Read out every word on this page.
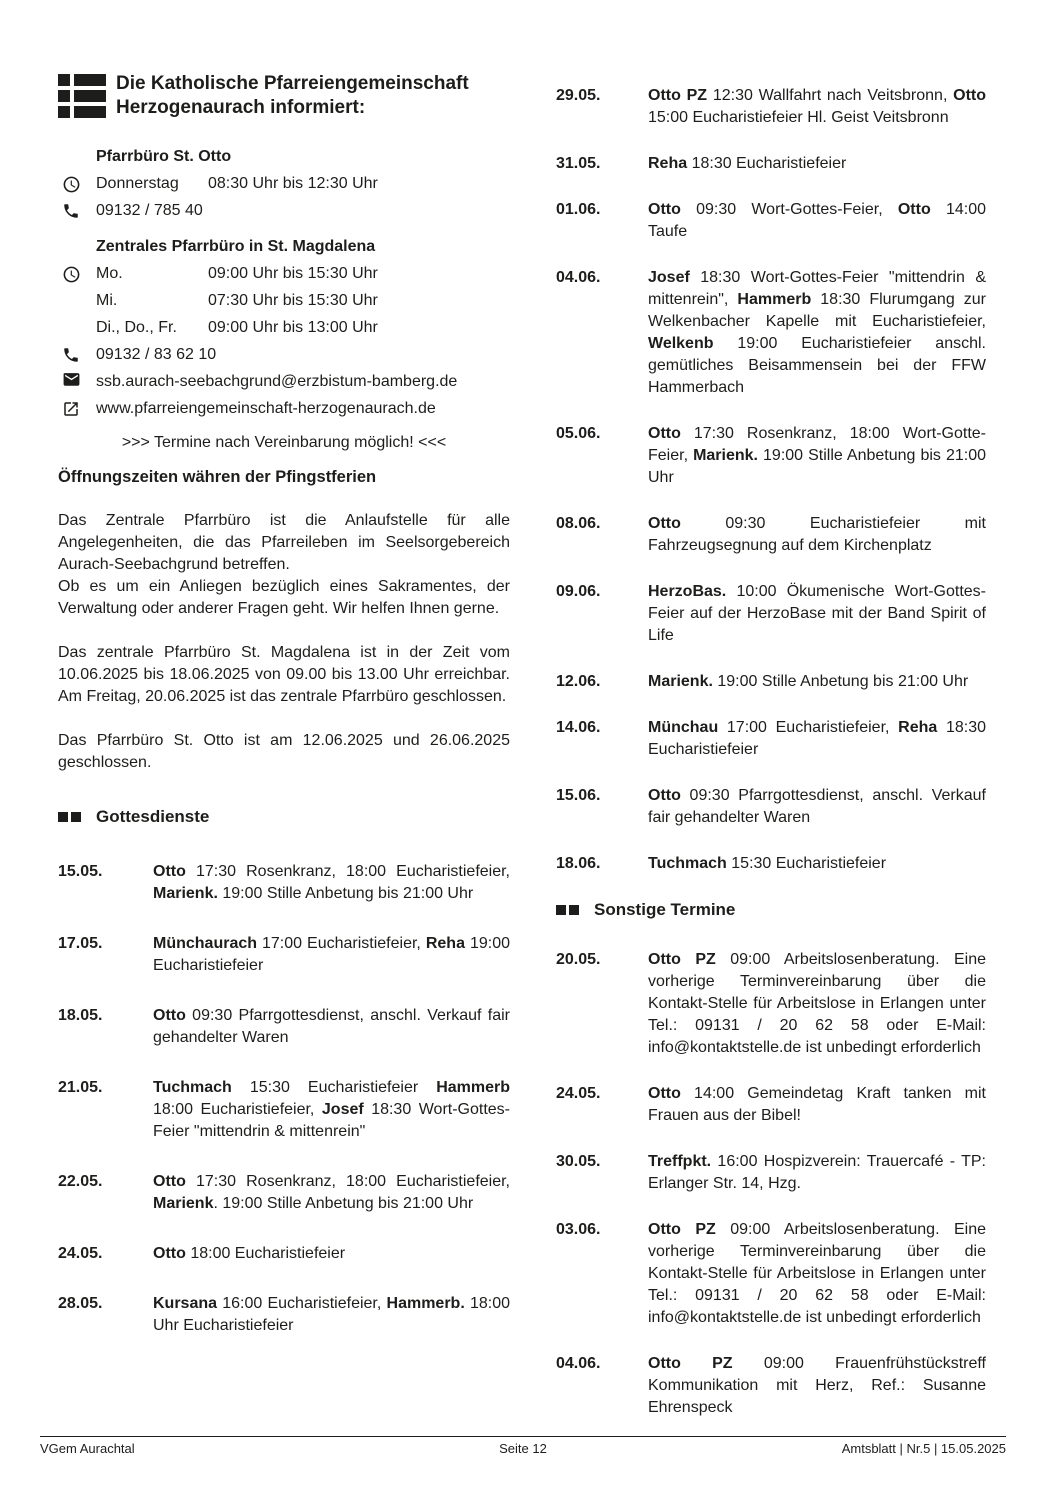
Die Katholische Pfarreiengemeinschaft
Herzogenaurach informiert:
Pfarrbüro St. Otto
Donnerstag	08:30 Uhr bis 12:30 Uhr
09132 / 785 40
Zentrales Pfarrbüro in St. Magdalena
Mo.	09:00 Uhr bis 15:30 Uhr
Mi.	07:30 Uhr bis 15:30 Uhr
Di., Do., Fr.	09:00 Uhr bis 13:00 Uhr
09132 / 83 62 10
ssb.aurach-seebachgrund@erzbistum-bamberg.de
www.pfarreiengemeinschaft-herzogenaurach.de
>>> Termine nach Vereinbarung möglich! <<<
Öffnungszeiten währen der Pfingstferien

Das Zentrale Pfarrbüro ist die Anlaufstelle für alle Angelegenheiten, die das Pfarreileben im Seelsorgebereich Aurach-Seebachgrund betreffen.

Ob es um ein Anliegen bezüglich eines Sakramentes, der Verwaltung oder anderer Fragen geht. Wir helfen Ihnen gerne.

Das zentrale Pfarrbüro St. Magdalena ist in der Zeit vom 10.06.2025 bis 18.06.2025 von 09.00 bis 13.00 Uhr erreichbar. Am Freitag, 20.06.2025 ist das zentrale Pfarrbüro geschlossen.

Das Pfarrbüro St. Otto ist am 12.06.2025 und 26.06.2025 geschlossen.

Gottesdienste
15.05.	Otto 17:30 Rosenkranz, 18:00 Eucharistiefeier, Marienk. 19:00 Stille Anbetung bis 21:00 Uhr
17.05.	Münchaurach 17:00 Eucharistiefeier, Reha 19:00 Eucharistiefeier
18.05.	Otto 09:30 Pfarrgottesdienst, anschl. Verkauf fair gehandelter Waren
21.05.	Tuchmach 15:30 Eucharistiefeier Hammerb 18:00 Eucharistiefeier, Josef 18:30 Wort-Gottes-Feier "mittendrin & mittenrein"
22.05.	Otto 17:30 Rosenkranz, 18:00 Eucharistiefeier, Marienk. 19:00 Stille Anbetung bis 21:00 Uhr
24.05.	Otto 18:00 Eucharistiefeier
28.05.	Kursana 16:00 Eucharistiefeier, Hammerb. 18:00 Uhr Eucharistiefeier
29.05.	Otto PZ 12:30 Wallfahrt nach Veitsbronn, Otto 15:00 Eucharistiefeier Hl. Geist Veitsbronn
31.05.	Reha 18:30 Eucharistiefeier
01.06.	Otto 09:30 Wort-Gottes-Feier, Otto 14:00 Taufe
04.06.	Josef 18:30 Wort-Gottes-Feier "mittendrin & mittenrein", Hammerb 18:30 Flurumgang zur Welkenbacher Kapelle mit Eucharistiefeier, Welkenb 19:00 Eucharistiefeier anschl. gemütliches Beisammensein bei der FFW Hammerbach
05.06.	Otto 17:30 Rosenkranz, 18:00 Wort-Gotte-Feier, Marienk. 19:00 Stille Anbetung bis 21:00 Uhr
08.06.	Otto 09:30 Eucharistiefeier mit Fahrzeugsegnung auf dem Kirchenplatz
09.06.	HerzoBas. 10:00 Ökumenische Wort-Gottes-Feier auf der HerzoBase mit der Band Spirit of Life
12.06.	Marienk. 19:00 Stille Anbetung bis 21:00 Uhr
14.06.	Münchau 17:00 Eucharistiefeier, Reha 18:30 Eucharistiefeier
15.06.	Otto 09:30 Pfarrgottesdienst, anschl. Verkauf fair gehandelter Waren
18.06.	Tuchmach 15:30 Eucharistiefeier
Sonstige Termine
20.05.	Otto PZ 09:00 Arbeitslosenberatung. Eine vorherige Terminvereinbarung über die Kontakt-Stelle für Arbeitslose in Erlangen unter Tel.: 09131 / 20 62 58 oder E-Mail: info@kontaktstelle.de ist unbedingt erforderlich
24.05.	Otto 14:00 Gemeindetag Kraft tanken mit Frauen aus der Bibel!
30.05.	Treffpkt. 16:00 Hospizverein: Trauercafé - TP: Erlanger Str. 14, Hzg.
03.06.	Otto PZ 09:00 Arbeitslosenberatung. Eine vorherige Terminvereinbarung über die Kontakt-Stelle für Arbeitslose in Erlangen unter Tel.: 09131 / 20 62 58 oder E-Mail: info@kontaktstelle.de ist unbedingt erforderlich
04.06.	Otto PZ 09:00 Frauenfrühstückstreff Kommunikation mit Herz, Ref.: Susanne Ehrenspeck
Seite 12
VGem Aurachtal	Amtsblatt | Nr.5 | 15.05.2025
